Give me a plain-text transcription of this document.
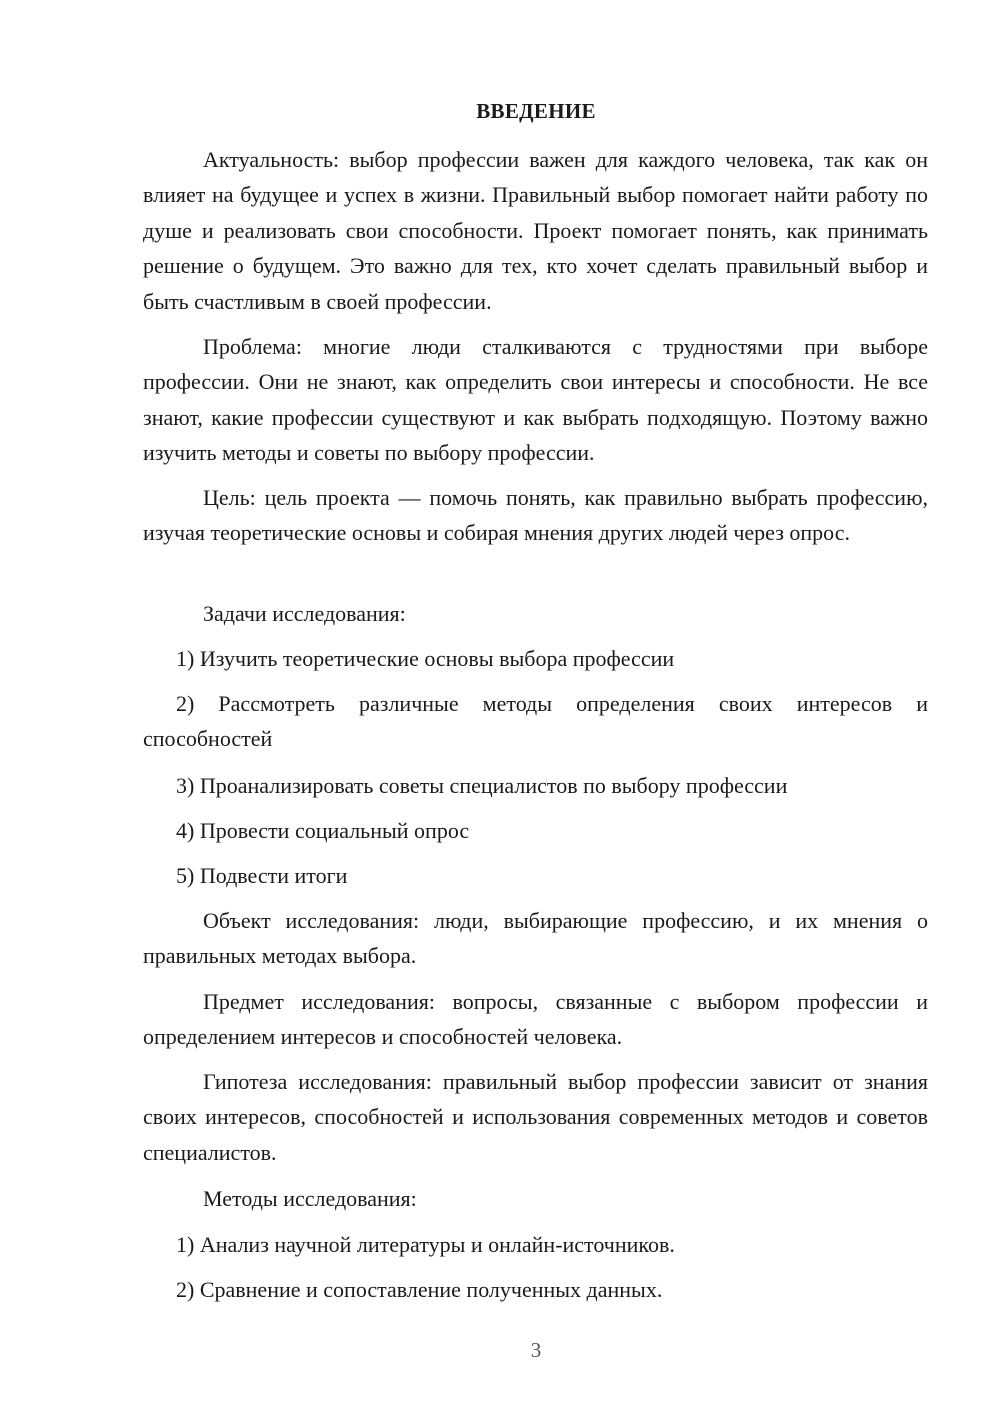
ВВЕДЕНИЕ

Актуальность: выбор профессии важен для каждого человека, так как он влияет на будущее и успех в жизни. Правильный выбор помогает найти работу по душе и реализовать свои способности. Проект помогает понять, как принимать решение о будущем. Это важно для тех, кто хочет сделать правильный выбор и быть счастливым в своей профессии.

Проблема: многие люди сталкиваются с трудностями при выборе профессии. Они не знают, как определить свои интересы и способности. Не все знают, какие профессии существуют и как выбрать подходящую. Поэтому важно изучить методы и советы по выбору профессии.

Цель: цель проекта — помочь понять, как правильно выбрать профессию, изучая теоретические основы и собирая мнения других людей через опрос.

Задачи исследования:

1) Изучить теоретические основы выбора профессии

2) Рассмотреть различные методы определения своих интересов и способностей

3) Проанализировать советы специалистов по выбору профессии

4) Провести социальный опрос

5) Подвести итоги

Объект исследования: люди, выбирающие профессию, и их мнения о правильных методах выбора.

Предмет исследования: вопросы, связанные с выбором профессии и определением интересов и способностей человека.

Гипотеза исследования: правильный выбор профессии зависит от знания своих интересов, способностей и использования современных методов и советов специалистов.

Методы исследования:

1) Анализ научной литературы и онлайн-источников.

2) Сравнение и сопоставление полученных данных.

3
